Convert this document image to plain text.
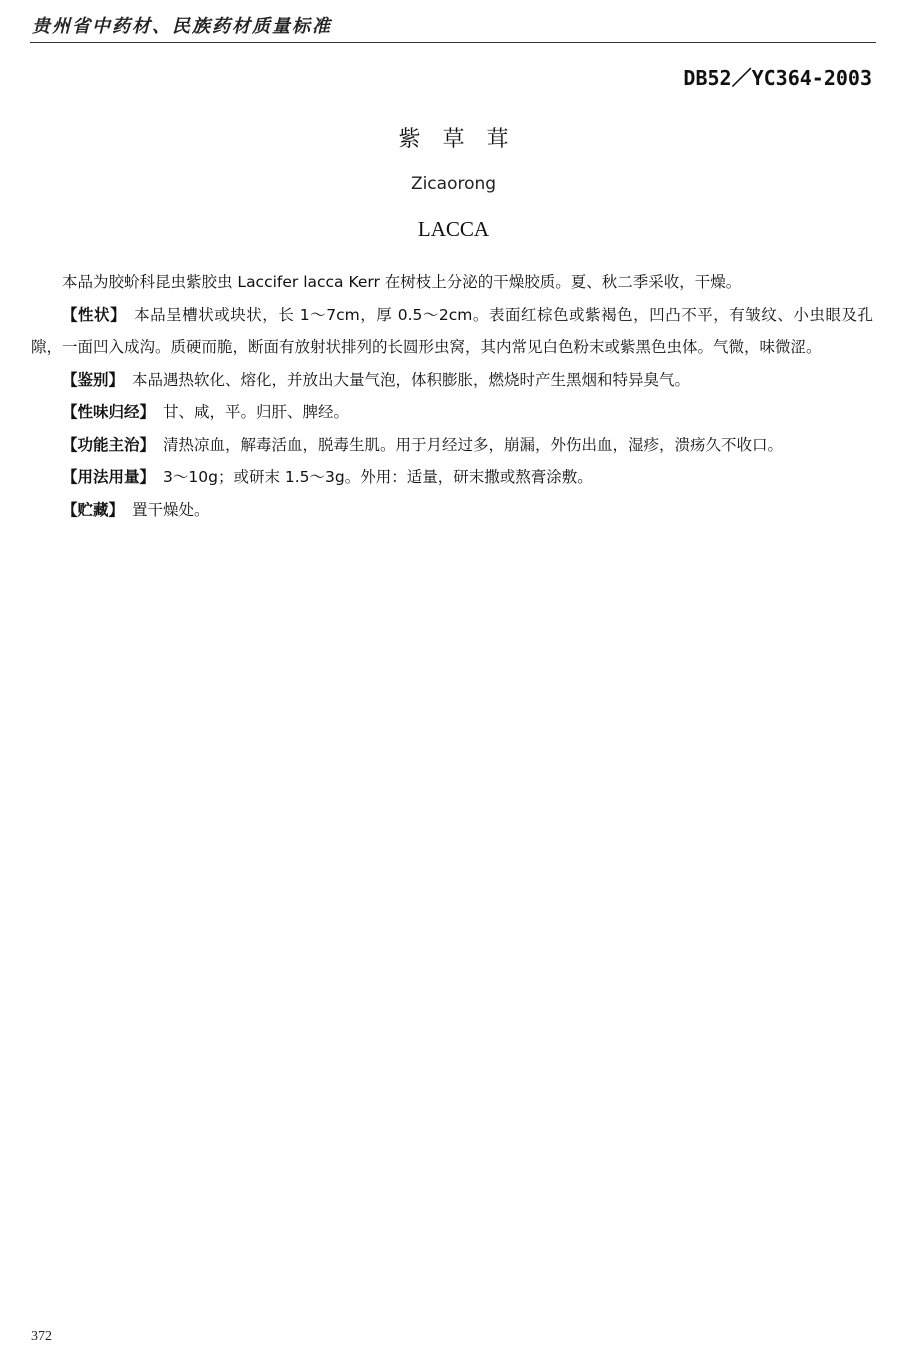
贵州省中药材、民族药材质量标准
DB52／YC364-2003
紫草茸
Zicaorong
LACCA

本品为胶蚧科昆虫紫胶虫 Laccifer lacca Kerr 在树枝上分泌的干燥胶质。夏、秋二季采收，干燥。

【性状】 本品呈槽状或块状，长 1～7cm，厚 0.5～2cm。表面红棕色或紫褐色，凹凸不平，有皱纹、小虫眼及孔隙，一面凹入成沟。质硬而脆，断面有放射状排列的长圆形虫窝，其内常见白色粉末或紫黑色虫体。气微，味微涩。

【鉴别】 本品遇热软化、熔化，并放出大量气泡，体积膨胀，燃烧时产生黑烟和特异臭气。

【性味归经】 甘、咸，平。归肝、脾经。

【功能主治】 清热凉血，解毒活血，脱毒生肌。用于月经过多，崩漏，外伤出血，湿疹，溃疡久不收口。

【用法用量】 3～10g；或研末 1.5～3g。外用：适量，研末撒或熬膏涂敷。

【贮藏】 置干燥处。

372
